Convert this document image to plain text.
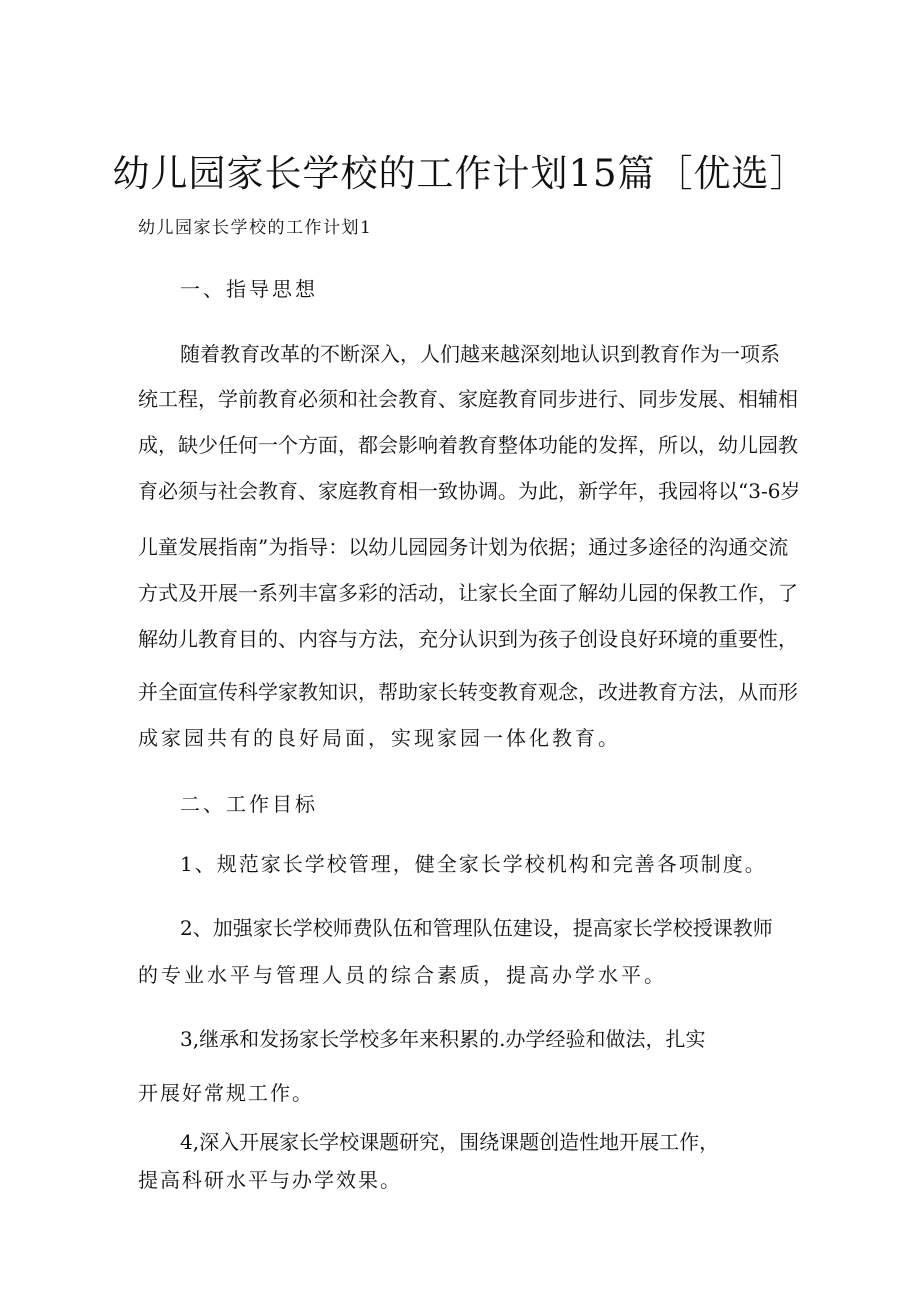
幼儿园家长学校的工作计划15篇［优选］
幼儿园家长学校的工作计划1
一、指导思想
随着教育改革的不断深入，人们越来越深刻地认识到教育作为一项系
统工程，学前教育必须和社会教育、家庭教育同步进行、同步发展、相辅相
成，缺少任何一个方面，都会影响着教育整体功能的发挥，所以，幼儿园教
育必须与社会教育、家庭教育相一致协调。为此，新学年，我园将以“3-6岁
儿童发展指南”为指导：以幼儿园园务计划为依据；通过多途径的沟通交流
方式及开展一系列丰富多彩的活动，让家长全面了解幼儿园的保教工作，了
解幼儿教育目的、内容与方法，充分认识到为孩子创设良好环境的重要性，
并全面宣传科学家教知识，帮助家长转变教育观念，改进教育方法，从而形
成家园共有的良好局面，实现家园一体化教育。
二、工作目标
1、规范家长学校管理，健全家长学校机构和完善各项制度。
2、加强家长学校师费队伍和管理队伍建设，提高家长学校授课教师
的专业水平与管理人员的综合素质，提高办学水平。
3,继承和发扬家长学校多年来积累的.办学经验和做法，扎实
开展好常规工作。
4,深入开展家长学校课题研究，围绕课题创造性地开展工作，
提高科研水平与办学效果。
